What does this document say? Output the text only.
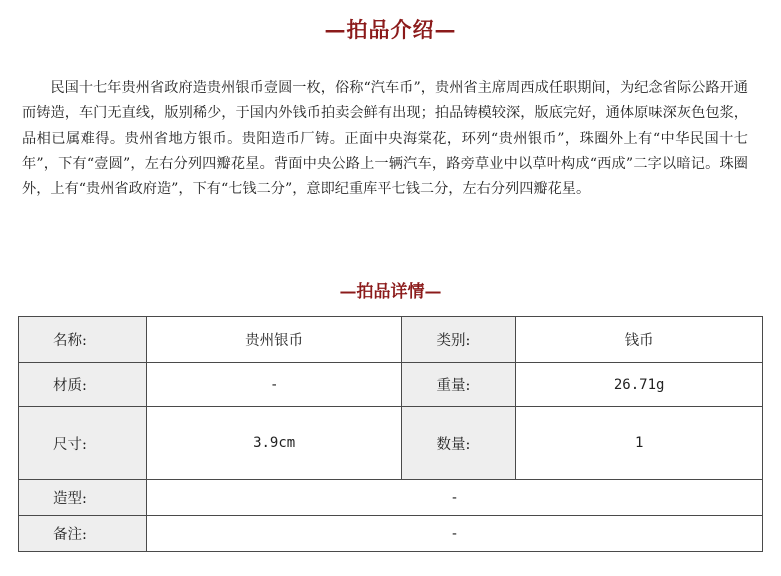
—拍品介绍—

民国十七年贵州省政府造贵州银币壹圆一枚，俗称“汽车币”，贵州省主席周西成任职期间，为纪念省际公路开通而铸造，车门无直线，版别稀少，于国内外钱币拍卖会鲜有出现；拍品铸模较深，版底完好，通体原味深灰色包浆，品相已属难得。贵州省地方银币。贵阳造币厂铸。正面中央海棠花，环列“贵州银币”，珠圈外上有“中华民国十七年”，下有“壹圆”，左右分列四瓣花星。背面中央公路上一辆汽车，路旁草业中以草叶构成“西成”二字以暗记。珠圈外，上有“贵州省政府造”，下有“七钱二分”，意即纪重库平七钱二分，左右分列四瓣花星。

—拍品详情—
名称:	贵州银币	类别:	钱币
材质:	-	重量:	26.71g
尺寸:	3.9cm	数量:	1
造型:	-		
备注:	-		
